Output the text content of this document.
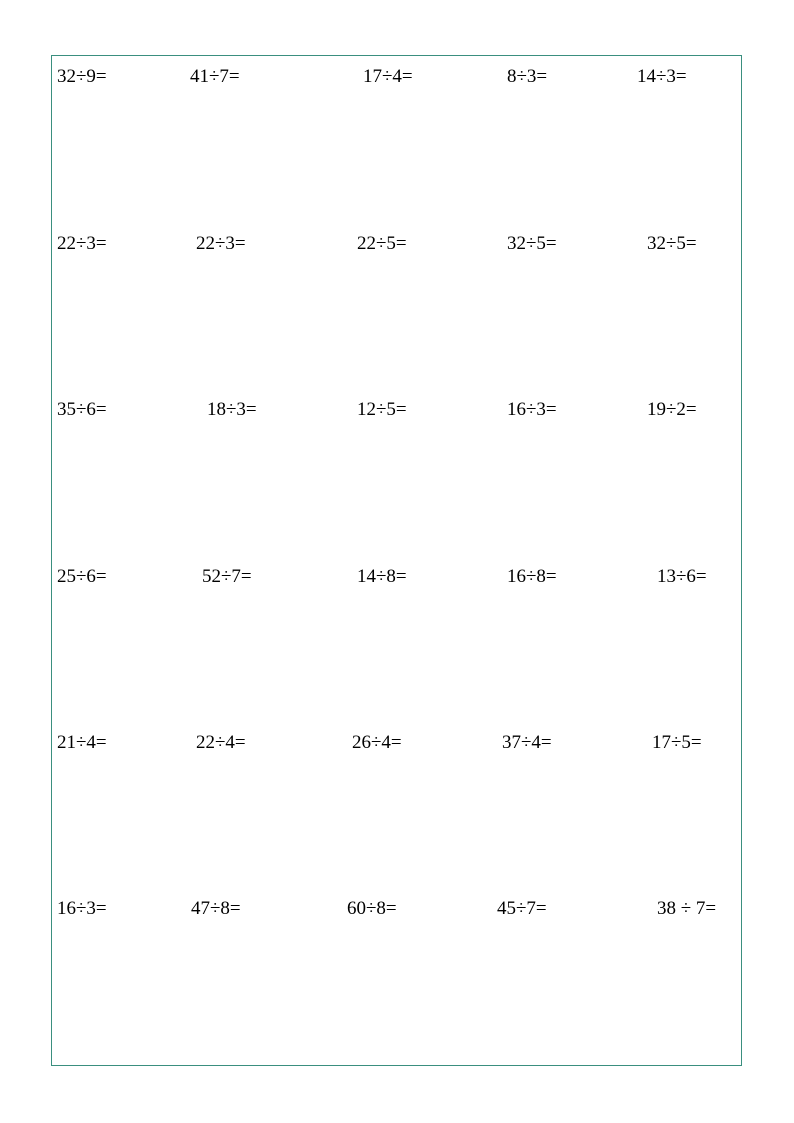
32÷9=	41÷7=	17÷4=	8÷3=	14÷3=
22÷3=	22÷3=	22÷5=	32÷5=	32÷5=
35÷6=	18÷3=	12÷5=	16÷3=	19÷2=
25÷6=	52÷7=	14÷8=	16÷8=	13÷6=
21÷4=	22÷4=	26÷4=	37÷4=	17÷5=
16÷3=	47÷8=	60÷8=	45÷7=	38 ÷ 7=
